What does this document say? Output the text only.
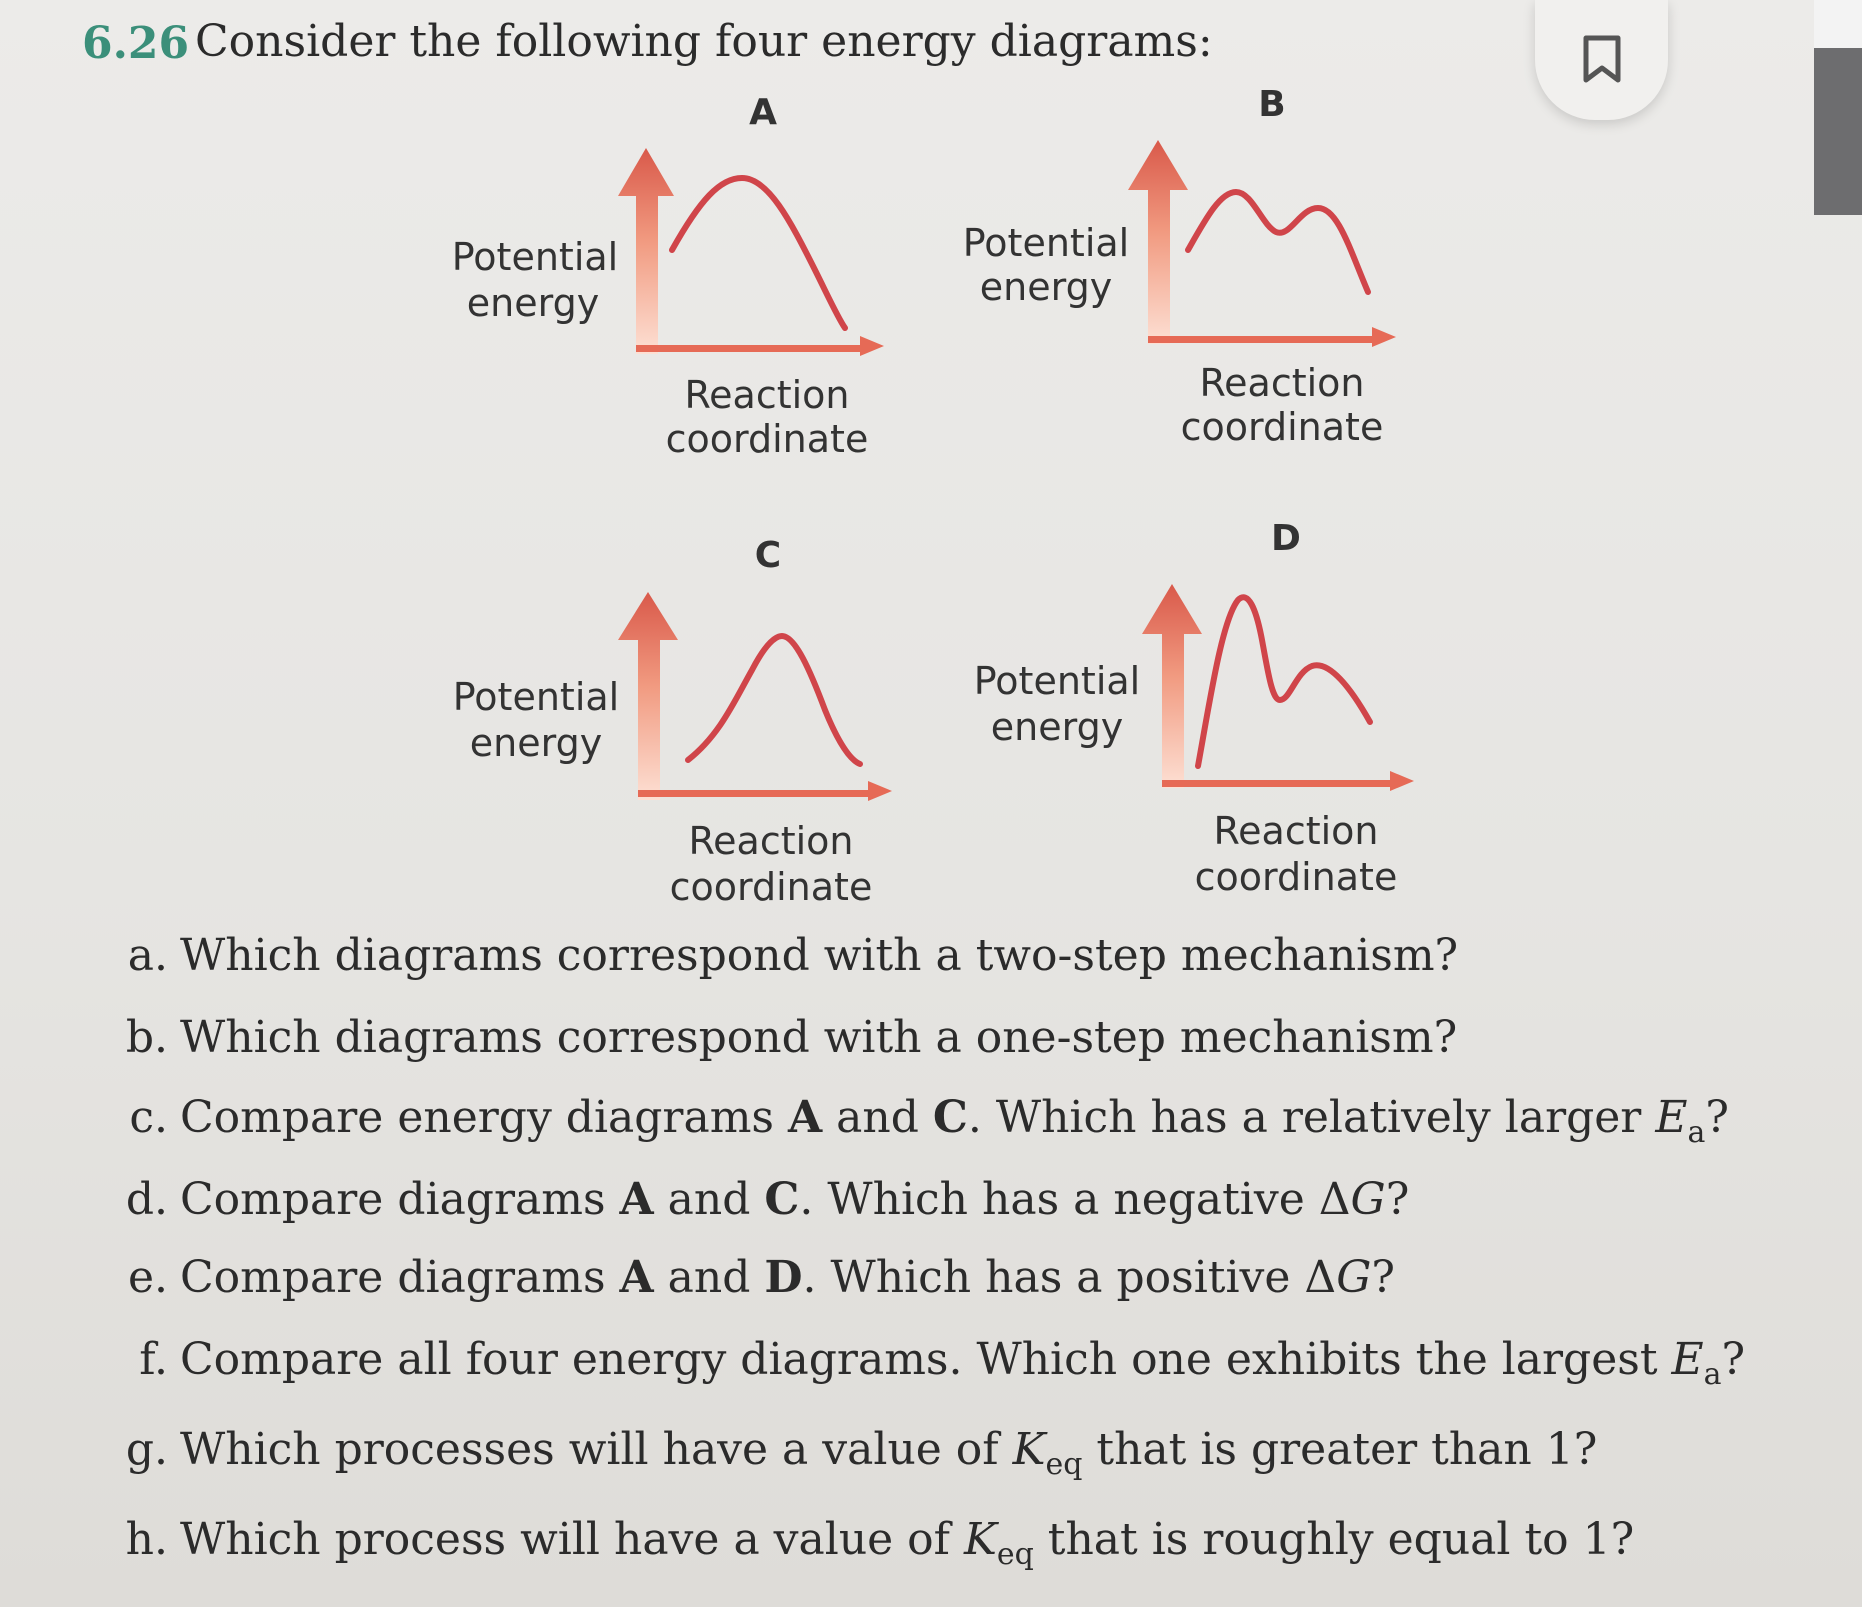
6.26 Consider the following four energy diagrams:
A
Potential
energy
Reaction
coordinate
B
Potential
energy
Reaction
coordinate
C
Potential
energy
Reaction
coordinate
D
Potential
energy
Reaction
coordinate
a. Which diagrams correspond with a two-step mechanism?
b. Which diagrams correspond with a one-step mechanism?
c. Compare energy diagrams A and C. Which has a relatively larger $E_a$?
d. Compare diagrams A and C. Which has a negative ΔG?
e. Compare diagrams A and D. Which has a positive ΔG?
f. Compare all four energy diagrams. Which one exhibits the largest $E_a$?
g. Which processes will have a value of $K_{eq}$ that is greater than 1?
h. Which process will have a value of $K_{eq}$ that is roughly equal to 1?
